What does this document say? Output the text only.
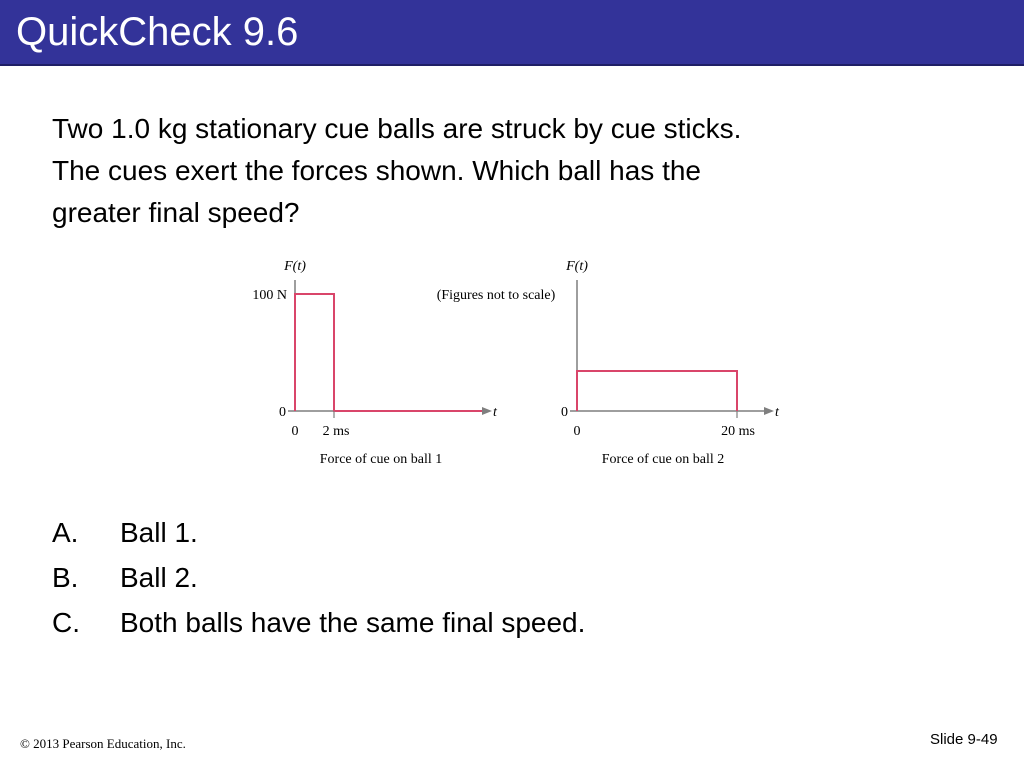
QuickCheck 9.6
Two 1.0 kg stationary cue balls are struck by cue sticks.
The cues exert the forces shown. Which ball has the
greater final speed?
F(t)
100 N
0	t
0 2 ms
Force of cue on ball 1
(Figures not to scale)
F(t)
0	t
0	20 ms
Force of cue on ball 2
A. Ball 1.
B. Ball 2.
C. Both balls have the same final speed.
© 2013 Pearson Education, Inc.	Slide 9-49
